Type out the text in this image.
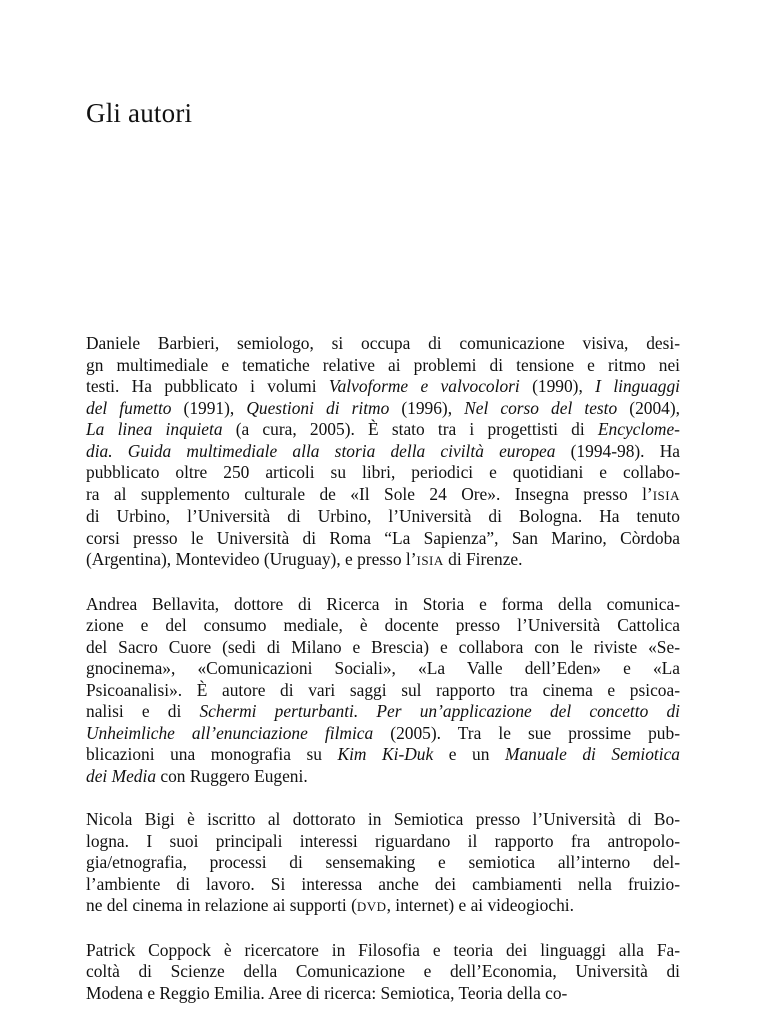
Gli autori

Daniele Barbieri, semiologo, si occupa di comunicazione visiva, desi-
gn multimediale e tematiche relative ai problemi di tensione e ritmo nei
testi. Ha pubblicato i volumi Valvoforme e valvocolori (1990), I linguaggi
del fumetto (1991), Questioni di ritmo (1996), Nel corso del testo (2004),
La linea inquieta (a cura, 2005). È stato tra i progettisti di Encyclome-
dia. Guida multimediale alla storia della civiltà europea (1994-98). Ha
pubblicato oltre 250 articoli su libri, periodici e quotidiani e collabo-
ra al supplemento culturale de «Il Sole 24 Ore». Insegna presso l’ISIA
di Urbino, l’Università di Urbino, l’Università di Bologna. Ha tenuto
corsi presso le Università di Roma “La Sapienza”, San Marino, Còrdoba
(Argentina), Montevideo (Uruguay), e presso l’ISIA di Firenze.

Andrea Bellavita, dottore di Ricerca in Storia e forma della comunica-
zione e del consumo mediale, è docente presso l’Università Cattolica
del Sacro Cuore (sedi di Milano e Brescia) e collabora con le riviste «Se-
gnocinema», «Comunicazioni Sociali», «La Valle dell’Eden» e «La
Psicoanalisi». È autore di vari saggi sul rapporto tra cinema e psicoa-
nalisi e di Schermi perturbanti. Per un’applicazione del concetto di
Unheimliche all’enunciazione filmica (2005). Tra le sue prossime pub-
blicazioni una monografia su Kim Ki-Duk e un Manuale di Semiotica
dei Media con Ruggero Eugeni.

Nicola Bigi è iscritto al dottorato in Semiotica presso l’Università di Bo-
logna. I suoi principali interessi riguardano il rapporto fra antropolo-
gia/etnografia, processi di sensemaking e semiotica all’interno del-
l’ambiente di lavoro. Si interessa anche dei cambiamenti nella fruizio-
ne del cinema in relazione ai supporti (DVD, internet) e ai videogiochi.

Patrick Coppock è ricercatore in Filosofia e teoria dei linguaggi alla Fa-
coltà di Scienze della Comunicazione e dell’Economia, Università di
Modena e Reggio Emilia. Aree di ricerca: Semiotica, Teoria della co-
